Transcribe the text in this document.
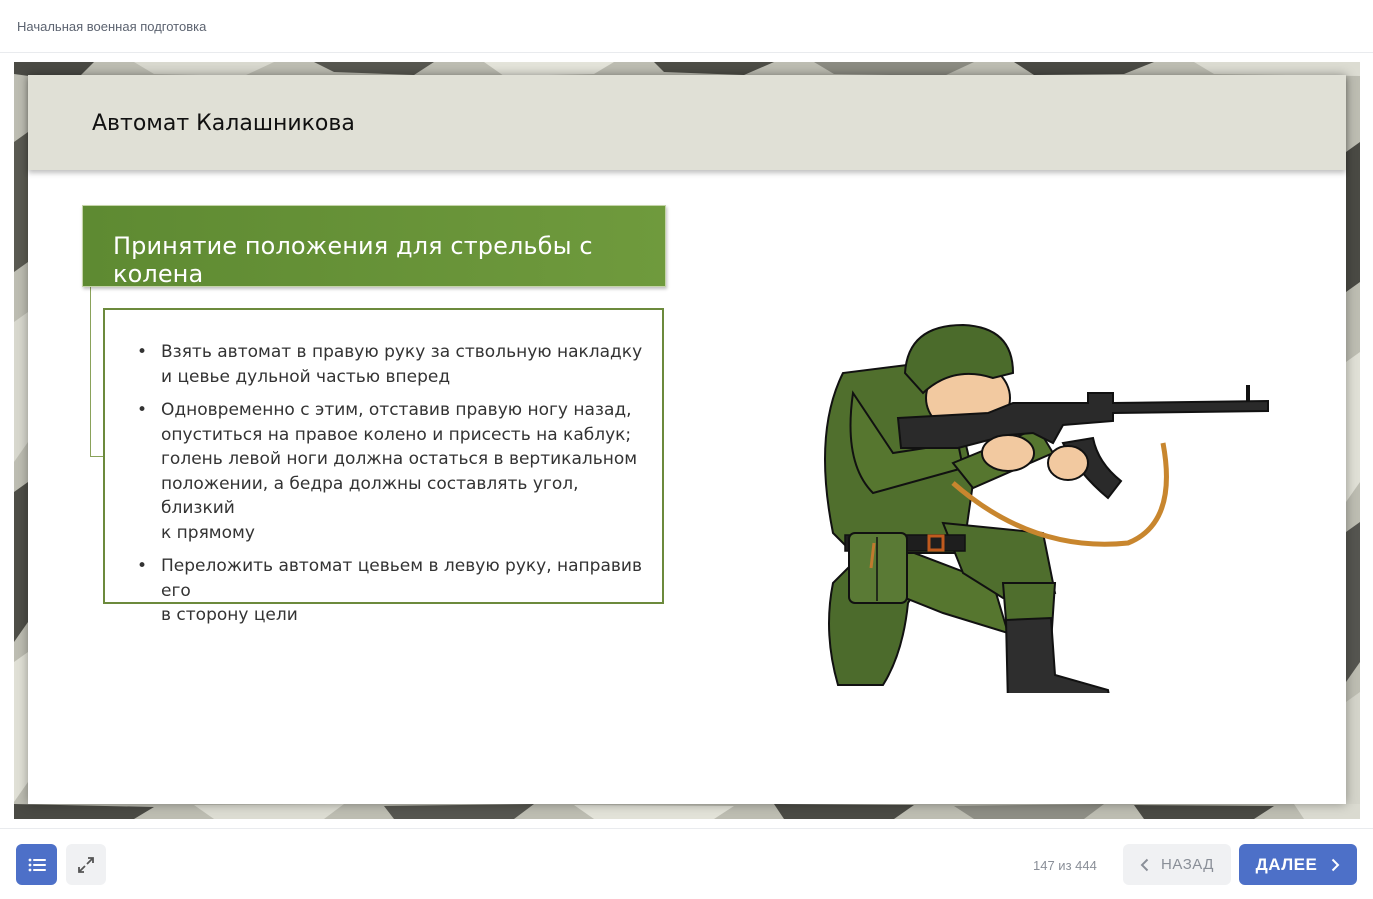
Начальная военная подготовка
Автомат Калашникова
Принятие положения для стрельбы с колена
• Взять автомат в правую руку за ствольную накладку
и цевье дульной частью вперед
• Одновременно с этим, отставив правую ногу назад,
опуститься на правое колено и присесть на каблук;
голень левой ноги должна остаться в вертикальном
положении, а бедра должны составлять угол, близкий
к прямому
• Переложить автомат цевьем в левую руку, направив его
в сторону цели
147 из 444	НАЗАД ДАЛЕЕ
